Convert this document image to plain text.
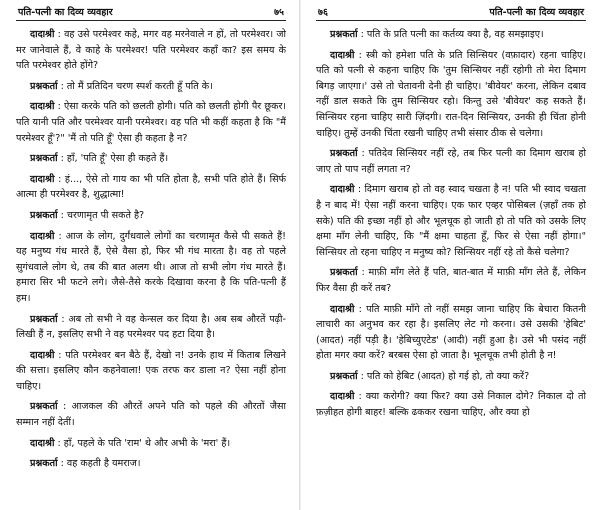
पति-पत्नी का दिव्य व्यवहार	७५

दादाश्री : वह उसे परमेश्वर कहे, मगर वह मरनेवाले न हों, तो परमेश्वर। जो मर जानेवाले हैं, वे काहे के परमेश्वर! पति परमेश्वर कहाँ का? इस समय के पति परमेश्वर होते होंगे?

प्रश्नकर्ता : तो मैं प्रतिदिन चरण स्पर्श करती हूँ पति के।

दादाश्री : ऐसा करके पति को छलती होगी। पति को छलती होगी पैर छूकर। पति यानी पति और परमेश्वर यानी परमेश्वर। वह पति भी कहीं कहता है कि "मैं परमेश्वर हूँ'?" 'मैं तो पति हूँ' ऐसा ही कहता है न?

प्रश्नकर्ता : हाँ, 'पति हूँ' ऐसा ही कहते हैं।

दादाश्री : हं..., ऐसे तो गाय का भी पति होता है, सभी पति होते हैं। सिर्फ आत्मा ही परमेश्वर है, शुद्धात्मा!

प्रश्नकर्ता : चरणामृत पी सकते है?

दादाश्री : आज के लोग, दुर्गंधवाले लोगों का चरणामृत कैसे पी सकते हैं! यह मनुष्य गंध मारते हैं, ऐसे वैसा हो, फिर भी गंध मारता है। वह तो पहले सुगंधवाले लोग थे, तब की बात अलग थी। आज तो सभी लोग गंध मारते हैं। हमारा सिर भी फटने लगे। जैसे-तैसे करके दिखावा करना है कि पति-पत्नी हैं हम।

प्रश्नकर्ता : अब तो सभी ने वह केन्सल कर दिया है। अब सब औरतें पढ़ी-लिखी हैं न, इसलिए सभी ने वह परमेश्वर पद हटा दिया है।

दादाश्री : पति परमेश्वर बन बैठे हैं, देखो न! उनके हाथ में किताब लिखने की सत्ता। इसलिए कौन कहनेवाला! एक तरफ कर डाला न? ऐसा नहीं होना चाहिए।

प्रश्नकर्ता : आजकल की औरतें अपने पति को पहले की औरतों जैसा सम्मान नहीं देतीं।

दादाश्री : हाँ, पहले के पति 'राम' थे और अभी के 'मरा' हैं।

प्रश्नकर्ता : वह कहती है यमराज।

७६	पति-पत्नी का दिव्य व्यवहार

प्रश्नकर्ता : पति के प्रति पत्नी का कर्तव्य क्या है, वह समझाइए।

दादाश्री : स्त्री को हमेशा पति के प्रति सिन्सियर (वफ़ादार) रहना चाहिए। पति को पत्नी से कहना चाहिए कि 'तुम सिन्सियर नहीं रहोगी तो मेरा दिमाग बिगड़ जाएगा।' उसे तो चेतावनी देनी ही चाहिए। 'बीवेयर' करना, लेकिन दबाव नहीं डाल सकते कि तुम सिन्सियर रहो। किन्तु उसे 'बीवेयर' कह सकते हैं। सिन्सियर रहना चाहिए सारी ज़िंदगी। रात-दिन सिन्सियर, उनकी ही चिंता होनी चाहिए। तुम्हें उनकी चिंता रखनी चाहिए तभी संसार ठीक से चलेगा।

प्रश्नकर्ता : पतिदेव सिन्सियर नहीं रहे, तब फिर पत्नी का दिमाग खराब हो जाए तो पाप नहीं लगता न?

दादाश्री : दिमाग खराब हो तो वह स्वाद चखता है न! पति भी स्वाद चखता है न बाद में! ऐसा नहीं करना चाहिए। एक फार एव्हर पोसिबल (ज़हाँ तक हो सके) पति की इच्छा नहीं हो और भूलचूक हो जाती हो तो पति को उसके लिए क्षमा माँग लेनी चाहिए, कि "मैं क्षमा चाहता हूँ, फिर से ऐसा नहीं होगा।" सिन्सियर तो रहना चाहिए न मनुष्य को? सिन्सियर नहीं रहे तो कैसे चलेगा?

प्रश्नकर्ता : माफ़ी माँग लेते हैं पति, बात-बात में माफ़ी माँग लेते हैं, लेकिन फिर वैसा ही करें तब?

दादाश्री : पति माफ़ी माँगे तो नहीं समझ जाना चाहिए कि बेचारा कितनी लाचारी का अनुभव कर रहा है। इसलिए लेट गो करना। उसे उसकी 'हेबिट' (आदत) नहीं पड़ी है। 'हेबिच्युएटेड' (आदी) नहीं हुआ है। उसे भी पसंद नहीं होता मगर क्या करें? बरबस ऐसा हो जाता है। भूलचूक तभी होती है न!

प्रश्नकर्ता : पति को हेबिट (आदत) हो गई हो, तो क्या करें?

दादाश्री : क्या करोगी? क्या फिर? क्या उसे निकाल दोगे? निकाल दो तो फ़ज़ीहत होगी बाहर! बल्कि ढककर रखना चाहिए, और क्या हो
